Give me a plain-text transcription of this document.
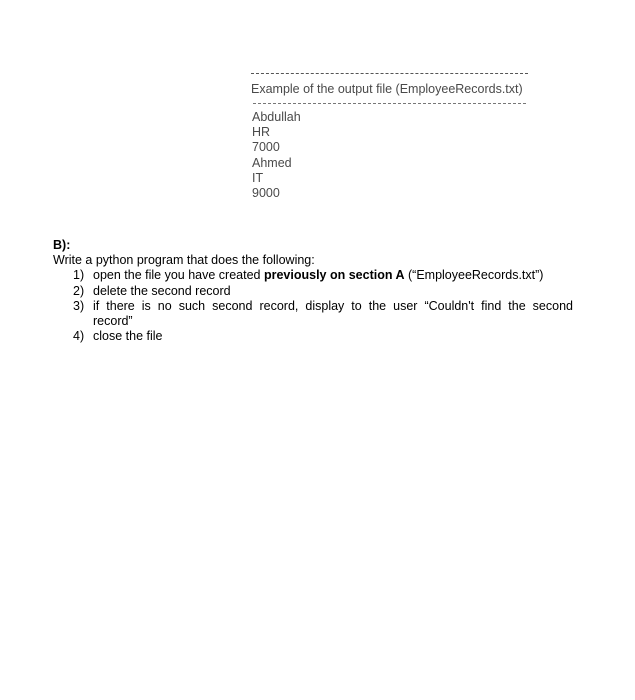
Example of the output file (EmployeeRecords.txt)
Abdullah
HR
7000
Ahmed
IT
9000
B):
Write a python program that does the following:
1) open the file you have created previously on section A (“EmployeeRecords.txt”)
2) delete the second record
3) if there is no such second record, display to the user “Couldn't find the second
record”
4) close the file
